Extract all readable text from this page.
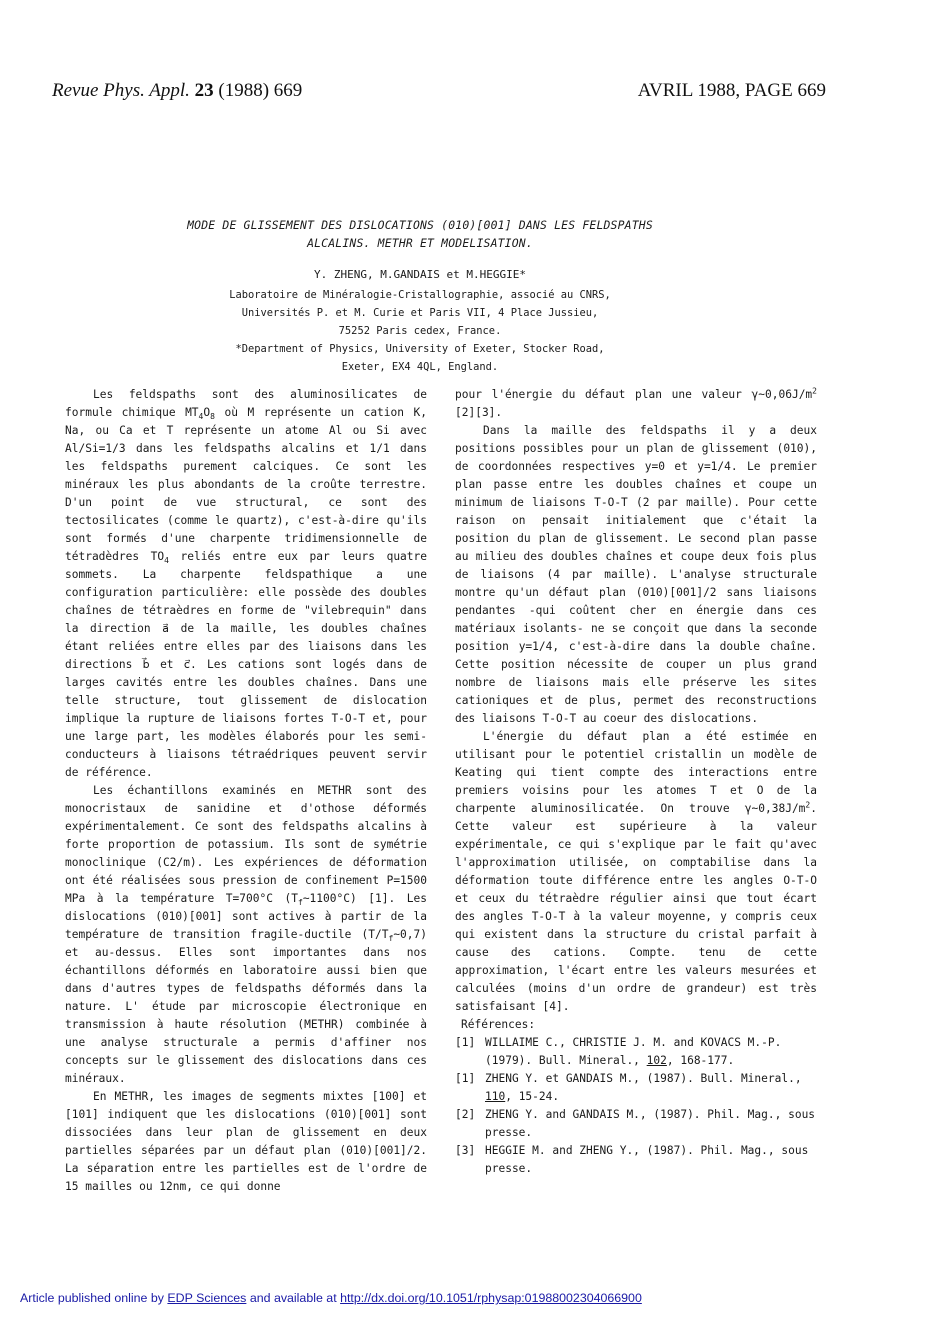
Revue Phys. Appl. 23 (1988) 669	AVRIL 1988, PAGE 669
MODE DE GLISSEMENT DES DISLOCATIONS (010)[001] DANS LES FELDSPATHS
ALCALINS. METHR ET MODELISATION.
Y. ZHENG, M.GANDAIS et M.HEGGIE*
Laboratoire de Minéralogie-Cristallographie, associé au CNRS,
Universités P. et M. Curie et Paris VII, 4 Place Jussieu,
75252 Paris cedex, France.
*Department of Physics, University of Exeter, Stocker Road,
Exeter, EX4 4QL, England.

Les feldspaths sont des aluminosilicates de formule chimique $MT_4O_8$ où M représente un cation K, Na, ou Ca et T représente un atome Al ou Si avec Al/Si=1/3 dans les feldspaths alcalins et 1/1 dans les feldspaths purement calciques. Ce sont les minéraux les plus abondants de la croûte terrestre. D'un point de vue structural, ce sont des tectosilicates (comme le quartz), c'est-à-dire qu'ils sont formés d'une charpente tridimensionnelle de tétradèdres $TO_4$ reliés entre eux par leurs quatre sommets. La charpente feldspathique a une configuration particulière: elle possède des doubles chaînes de tétraèdres en forme de "vilebrequin" dans la direction a⃗ de la maille, les doubles chaînes étant reliées entre elles par des liaisons dans les directions b⃗ et c⃗. Les cations sont logés dans de larges cavités entre les doubles chaînes. Dans une telle structure, tout glissement de dislocation implique la rupture de liaisons fortes T-O-T et, pour une large part, les modèles élaborés pour les semi-conducteurs à liaisons tétraédriques peuvent servir de référence.

Les échantillons examinés en METHR sont des monocristaux de sanidine et d'othose déformés expérimentalement. Ce sont des feldspaths alcalins à forte proportion de potassium. Ils sont de symétrie monoclinique (C2/m). Les expériences de déformation ont été réalisées sous pression de confinement P=1500 MPa à la température T=700°C $(T_f\sim 1100^\circ C)$ [1]. Les dislocations (010)[001] sont actives à partir de la température de transition fragile-ductile $(T/T_f\sim 0,7)$ et au-dessus. Elles sont importantes dans nos échantillons déformés en laboratoire aussi bien que dans d'autres types de feldspaths déformés dans la nature. L' étude par microscopie électronique en transmission à haute résolution (METHR) combinée à une analyse structurale a permis d'affiner nos concepts sur le glissement des dislocations dans ces minéraux.

En METHR, les images de segments mixtes [100] et [101] indiquent que les dislocations (010)[001] sont dissociées dans leur plan de glissement en deux partielles séparées par un défaut plan (010)[001]/2. La séparation entre les partielles est de l'ordre de 15 mailles ou 12nm, ce qui donne

pour l'énergie du défaut plan une valeur $\gamma\sim 0,06J/m^2$ [2][3].

Dans la maille des feldspaths il y a deux positions possibles pour un plan de glissement (010), de coordonnées respectives y=0 et y=1/4. Le premier plan passe entre les doubles chaînes et coupe un minimum de liaisons T-O-T (2 par maille). Pour cette raison on pensait initialement que c'était la position du plan de glissement. Le second plan passe au milieu des doubles chaînes et coupe deux fois plus de liaisons (4 par maille). L'analyse structurale montre qu'un défaut plan (010)[001]/2 sans liaisons pendantes -qui coûtent cher en énergie dans ces matériaux isolants- ne se conçoit que dans la seconde position y=1/4, c'est-à-dire dans la double chaîne. Cette position nécessite de couper un plus grand nombre de liaisons mais elle préserve les sites cationiques et de plus, permet des reconstructions des liaisons T-O-T au coeur des dislocations.

L'énergie du défaut plan a été estimée en utilisant pour le potentiel cristallin un modèle de Keating qui tient compte des interactions entre premiers voisins pour les atomes T et O de la charpente aluminosilicatée. On trouve $\gamma\sim 0,38J/m^2$. Cette valeur est supérieure à la valeur expérimentale, ce qui s'explique par le fait qu'avec l'approximation utilisée, on comptabilise dans la déformation toute différence entre les angles O-T-O et ceux du tétraèdre régulier ainsi que tout écart des angles T-O-T à la valeur moyenne, y compris ceux qui existent dans la structure du cristal parfait à cause des cations. Compte. tenu de cette approximation, l'écart entre les valeurs mesurées et calculées (moins d'un ordre de grandeur) est très satisfaisant [4].

Références:

[1] WILLAIME C., CHRISTIE J. M. and KOVACS M.-P. (1979). Bull. Mineral., 102, 168-177.
[1] ZHENG Y. et GANDAIS M., (1987). Bull. Mineral., 110, 15-24.
[2] ZHENG Y. and GANDAIS M., (1987). Phil. Mag., sous presse.
[3] HEGGIE M. and ZHENG Y., (1987). Phil. Mag., sous presse.
Article published online by EDP Sciences and available at http://dx.doi.org/10.1051/rphysap:01988002304066900
